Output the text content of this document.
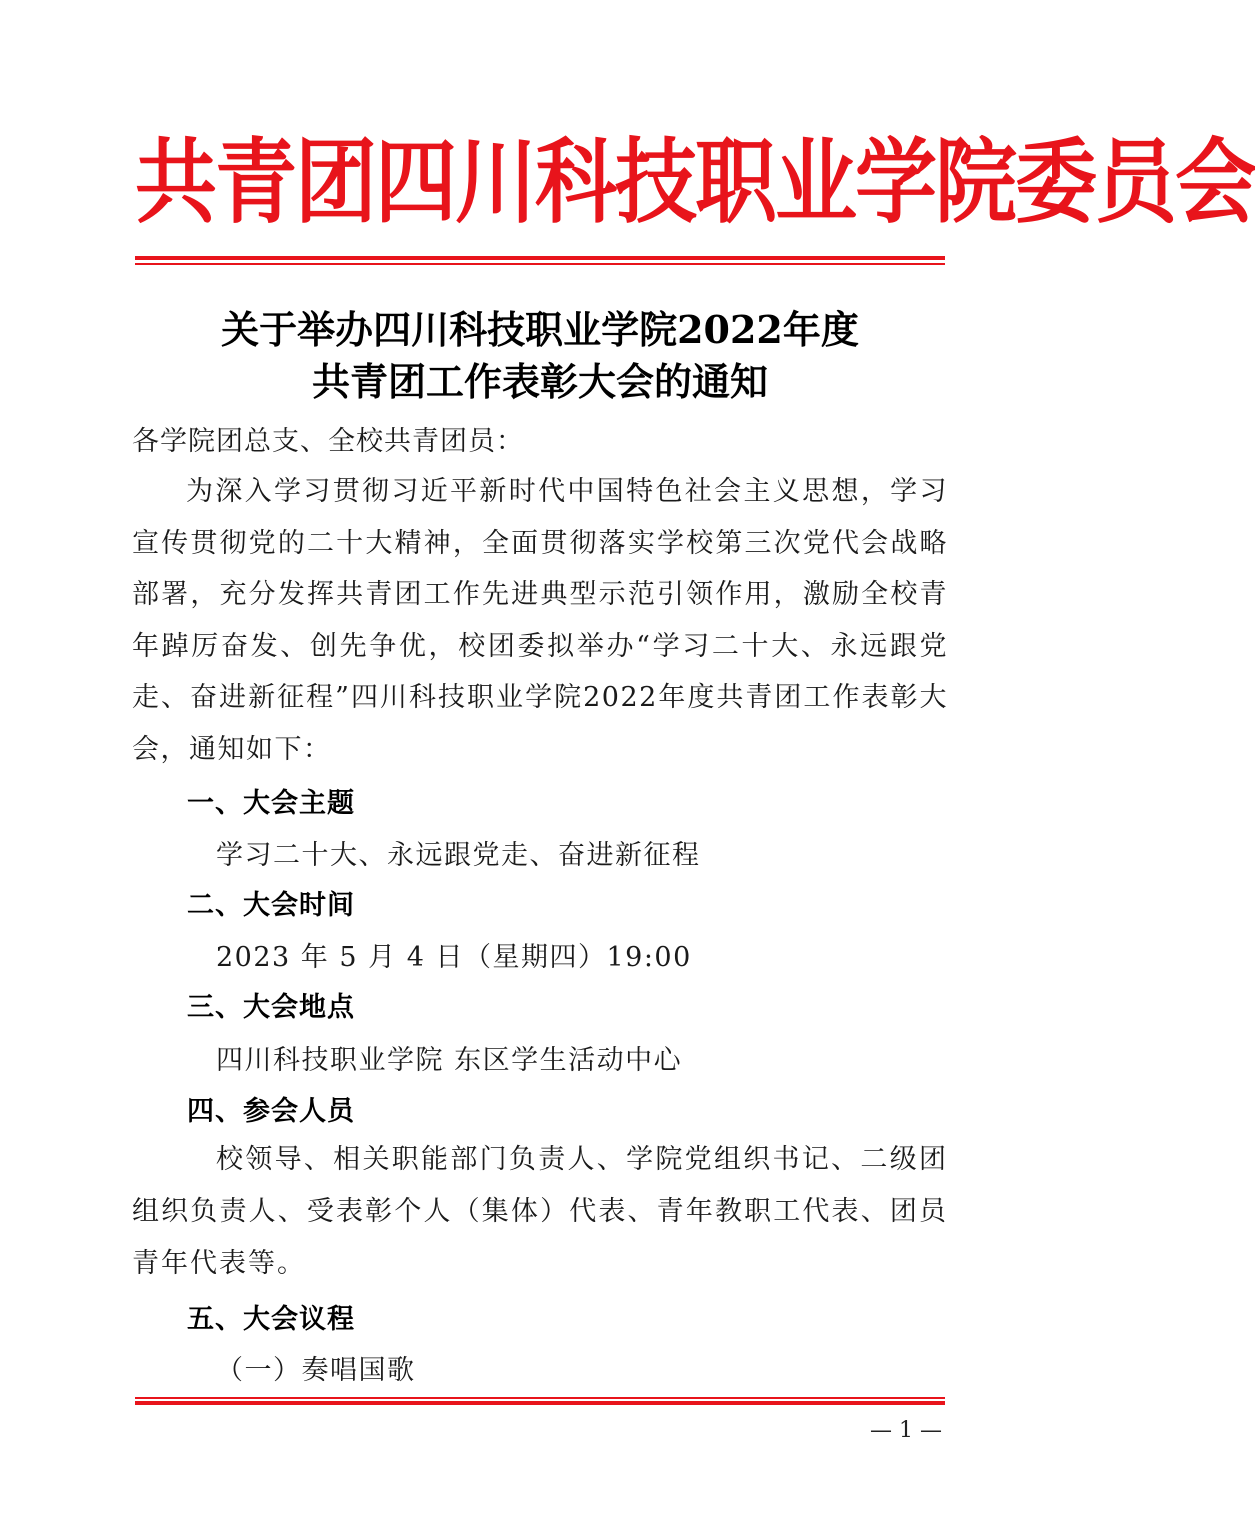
共青团四川科技职业学院委员会
关于举办四川科技职业学院2022年度
共青团工作表彰大会的通知
各学院团总支、全校共青团员：
为深入学习贯彻习近平新时代中国特色社会主义思想，学习宣传贯彻党的二十大精神，全面贯彻落实学校第三次党代会战略部署，充分发挥共青团工作先进典型示范引领作用，激励全校青年踔厉奋发、创先争优，校团委拟举办“学习二十大、永远跟党走、奋进新征程”四川科技职业学院2022年度共青团工作表彰大会，通知如下：
一、大会主题
学习二十大、永远跟党走、奋进新征程
二、大会时间
2023 年 5 月 4 日（星期四）19:00
三、大会地点
四川科技职业学院 东区学生活动中心
四、参会人员
校领导、相关职能部门负责人、学院党组织书记、二级团组织负责人、受表彰个人（集体）代表、青年教职工代表、团员青年代表等。
五、大会议程
（一）奏唱国歌
— 1 —
